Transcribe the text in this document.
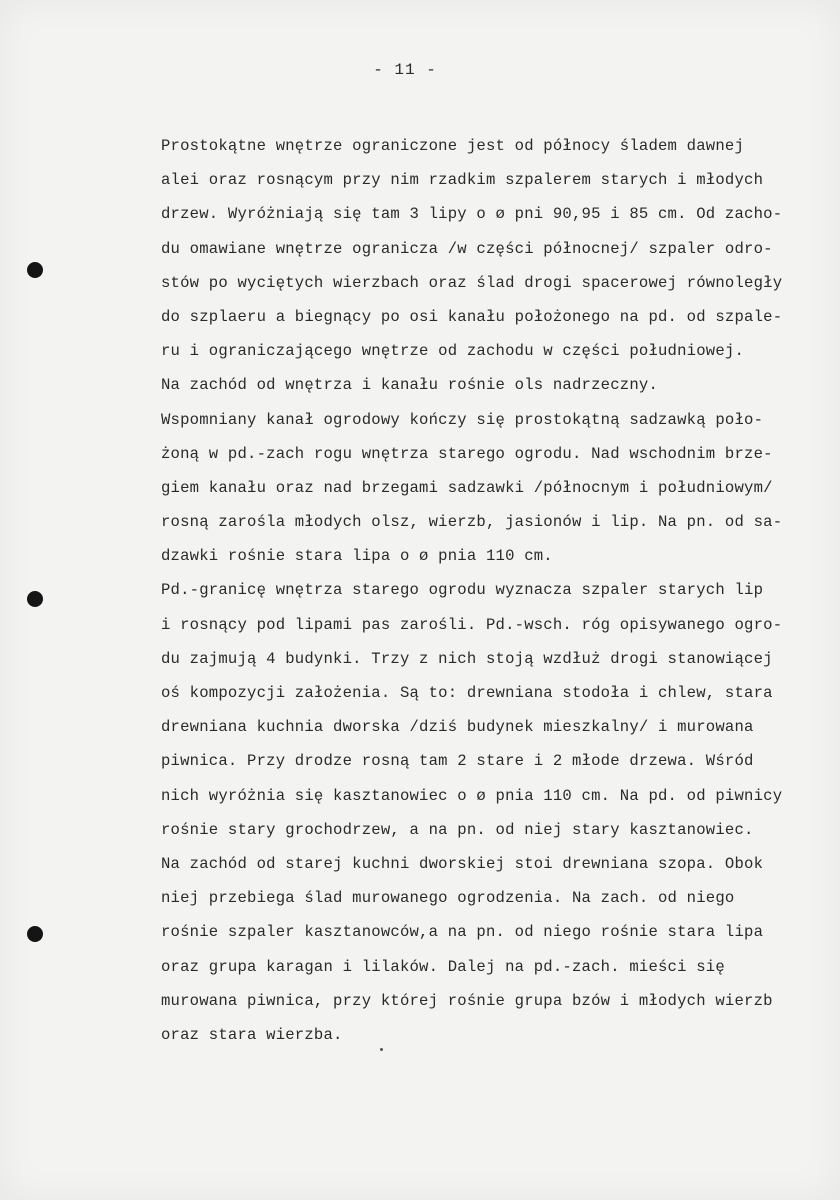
- 11 -
Prostokątne wnętrze ograniczone jest od północy śladem dawnej
alei oraz rosnącym przy nim rzadkim szpalerem starych i młodych
drzew. Wyróżniają się tam 3 lipy o ø pni 90,95 i 85 cm. Od zacho-
du omawiane wnętrze ogranicza /w części północnej/ szpaler odro-
stów po wyciętych wierzbach oraz ślad drogi spacerowej równoległy
do szplaeru a biegnący po osi kanału położonego na pd. od szpale-
ru i ograniczającego wnętrze od zachodu w części południowej.
Na zachód od wnętrza i kanału rośnie ols nadrzeczny.
Wspomniany kanał ogrodowy kończy się prostokątną sadzawką poło-
żoną w pd.-zach rogu wnętrza starego ogrodu. Nad wschodnim brze-
giem kanału oraz nad brzegami sadzawki /północnym i południowym/
rosną zarośla młodych olsz, wierzb, jasionów i lip. Na pn. od sa-
dzawki rośnie stara lipa o ø pnia 110 cm.
Pd.-granicę wnętrza starego ogrodu wyznacza szpaler starych lip
i rosnący pod lipami pas zarośli. Pd.-wsch. róg opisywanego ogro-
du zajmują 4 budynki. Trzy z nich stoją wzdłuż drogi stanowiącej
oś kompozycji założenia. Są to: drewniana stodoła i chlew, stara
drewniana kuchnia dworska /dziś budynek mieszkalny/ i murowana
piwnica. Przy drodze rosną tam 2 stare i 2 młode drzewa. Wśród
nich wyróżnia się kasztanowiec o ø pnia 110 cm. Na pd. od piwnicy
rośnie stary grochodrzew, a na pn. od niej stary kasztanowiec.
Na zachód od starej kuchni dworskiej stoi drewniana szopa. Obok
niej przebiega ślad murowanego ogrodzenia. Na zach. od niego
rośnie szpaler kasztanowców,a na pn. od niego rośnie stara lipa
oraz grupa karagan i lilaków. Dalej na pd.-zach. mieści się
murowana piwnica, przy której rośnie grupa bzów i młodych wierzb
oraz stara wierzba.
